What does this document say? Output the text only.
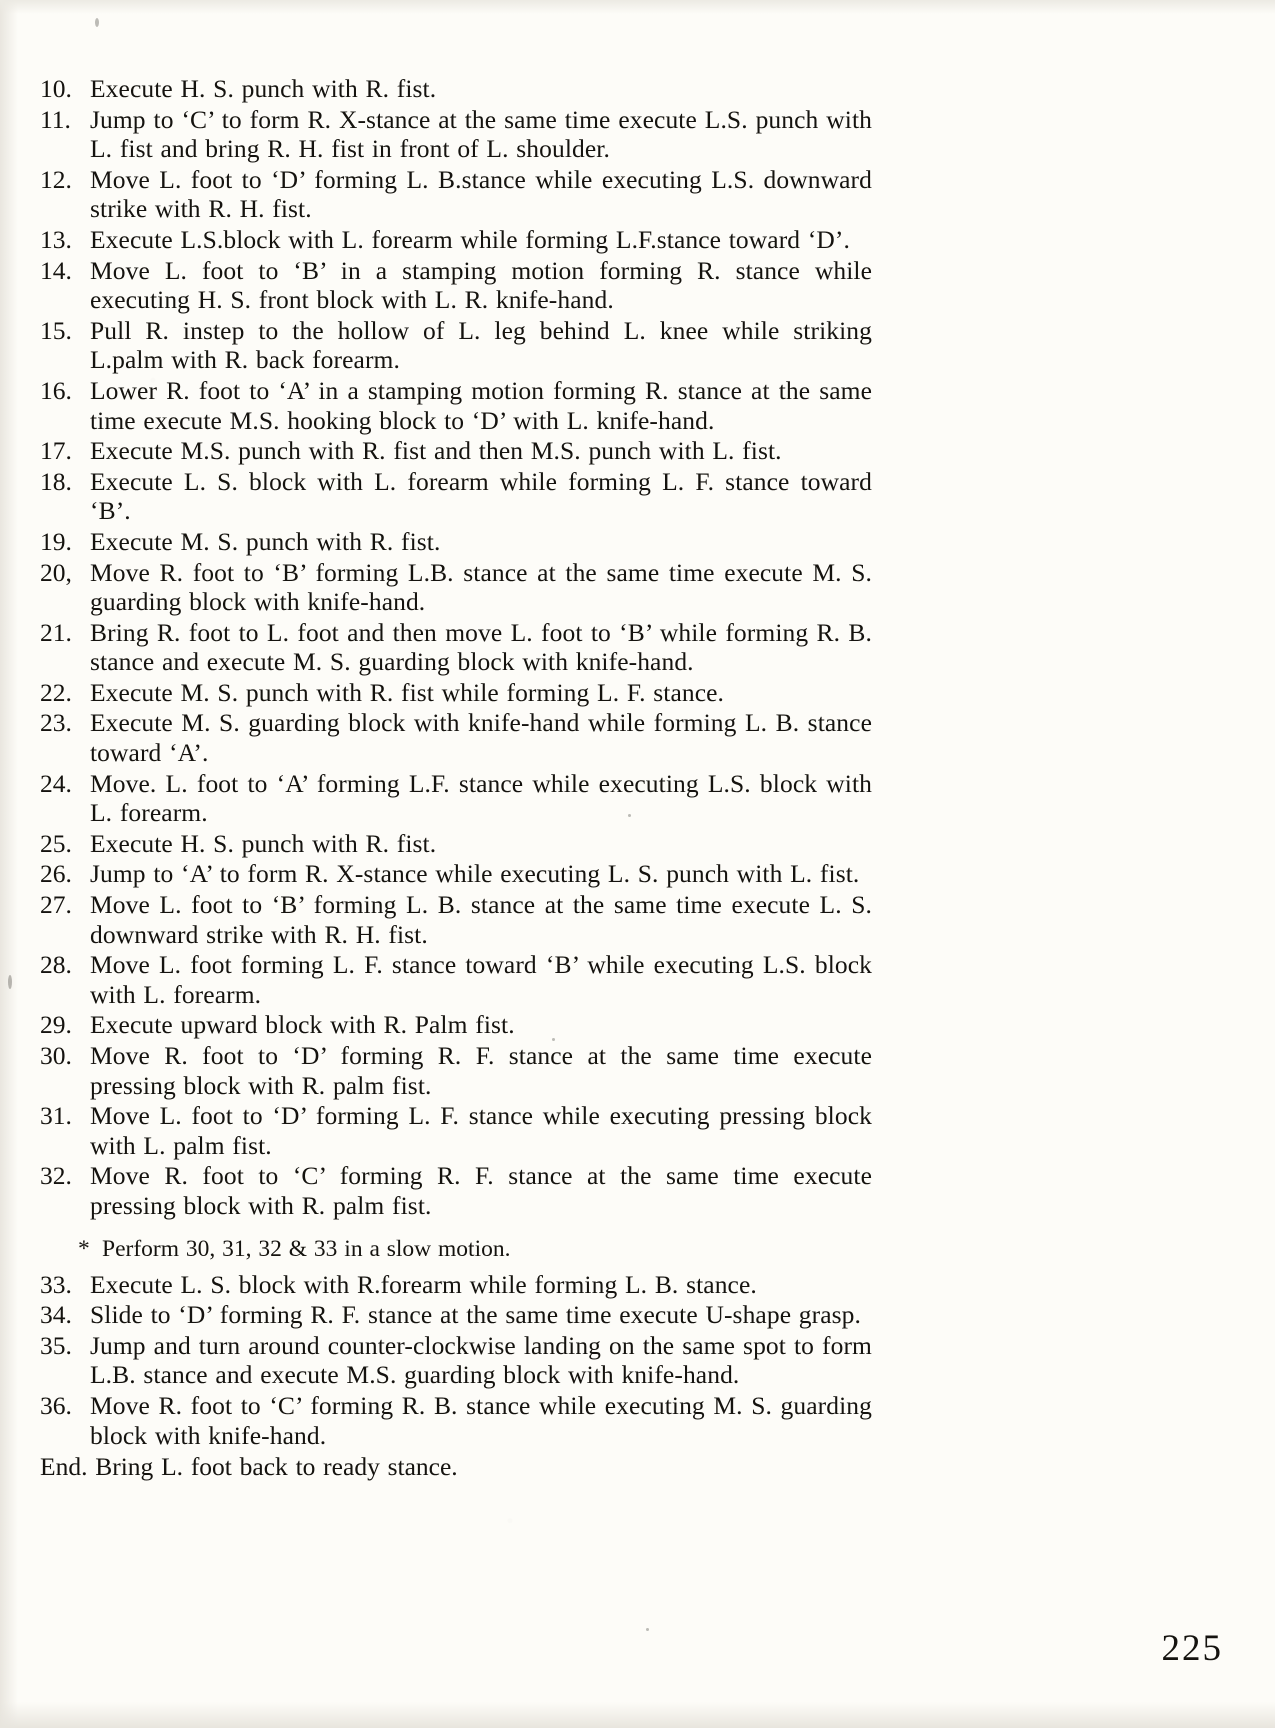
10. Execute H. S. punch with R. fist.
11. Jump to ‘C’ to form R. X-stance at the same time execute L.S. punch with L. fist and bring R. H. fist in front of L. shoulder.
12. Move L. foot to ‘D’ forming L. B.stance while executing L.S. downward strike with R. H. fist.
13. Execute L.S.block with L. forearm while forming L.F.stance toward ‘D’.
14. Move L. foot to ‘B’ in a stamping motion forming R. stance while executing H. S. front block with L. R. knife-hand.
15. Pull R. instep to the hollow of L. leg behind L. knee while striking L.palm with R. back forearm.
16. Lower R. foot to ‘A’ in a stamping motion forming R. stance at the same time execute M.S. hooking block to ‘D’ with L. knife-hand.
17. Execute M.S. punch with R. fist and then M.S. punch with L. fist.
18. Execute L. S. block with L. forearm while forming L. F. stance toward ‘B’.
19. Execute M. S. punch with R. fist.
20, Move R. foot to ‘B’ forming L.B. stance at the same time execute M. S. guarding block with knife-hand.
21. Bring R. foot to L. foot and then move L. foot to ‘B’ while forming R. B. stance and execute M. S. guarding block with knife-hand.
22. Execute M. S. punch with R. fist while forming L. F. stance.
23. Execute M. S. guarding block with knife-hand while forming L. B. stance toward ‘A’.
24. Move. L. foot to ‘A’ forming L.F. stance while executing L.S. block with L. forearm.
25. Execute H. S. punch with R. fist.
26. Jump to ‘A’ to form R. X-stance while executing L. S. punch with L. fist.
27. Move L. foot to ‘B’ forming L. B. stance at the same time execute L. S. downward strike with R. H. fist.
28. Move L. foot forming L. F. stance toward ‘B’ while executing L.S. block with L. forearm.
29. Execute upward block with R. Palm fist.
30. Move R. foot to ‘D’ forming R. F. stance at the same time execute pressing block with R. palm fist.
31. Move L. foot to ‘D’ forming L. F. stance while executing pressing block with L. palm fist.
32. Move R. foot to ‘C’ forming R. F. stance at the same time execute pressing block with R. palm fist.
* Perform 30, 31, 32 & 33 in a slow motion.
33. Execute L. S. block with R.forearm while forming L. B. stance.
34. Slide to ‘D’ forming R. F. stance at the same time execute U-shape grasp.
35. Jump and turn around counter-clockwise landing on the same spot to form L.B. stance and execute M.S. guarding block with knife-hand.
36. Move R. foot to ‘C’ forming R. B. stance while executing M. S. guarding block with knife-hand.
End. Bring L. foot back to ready stance.
225
